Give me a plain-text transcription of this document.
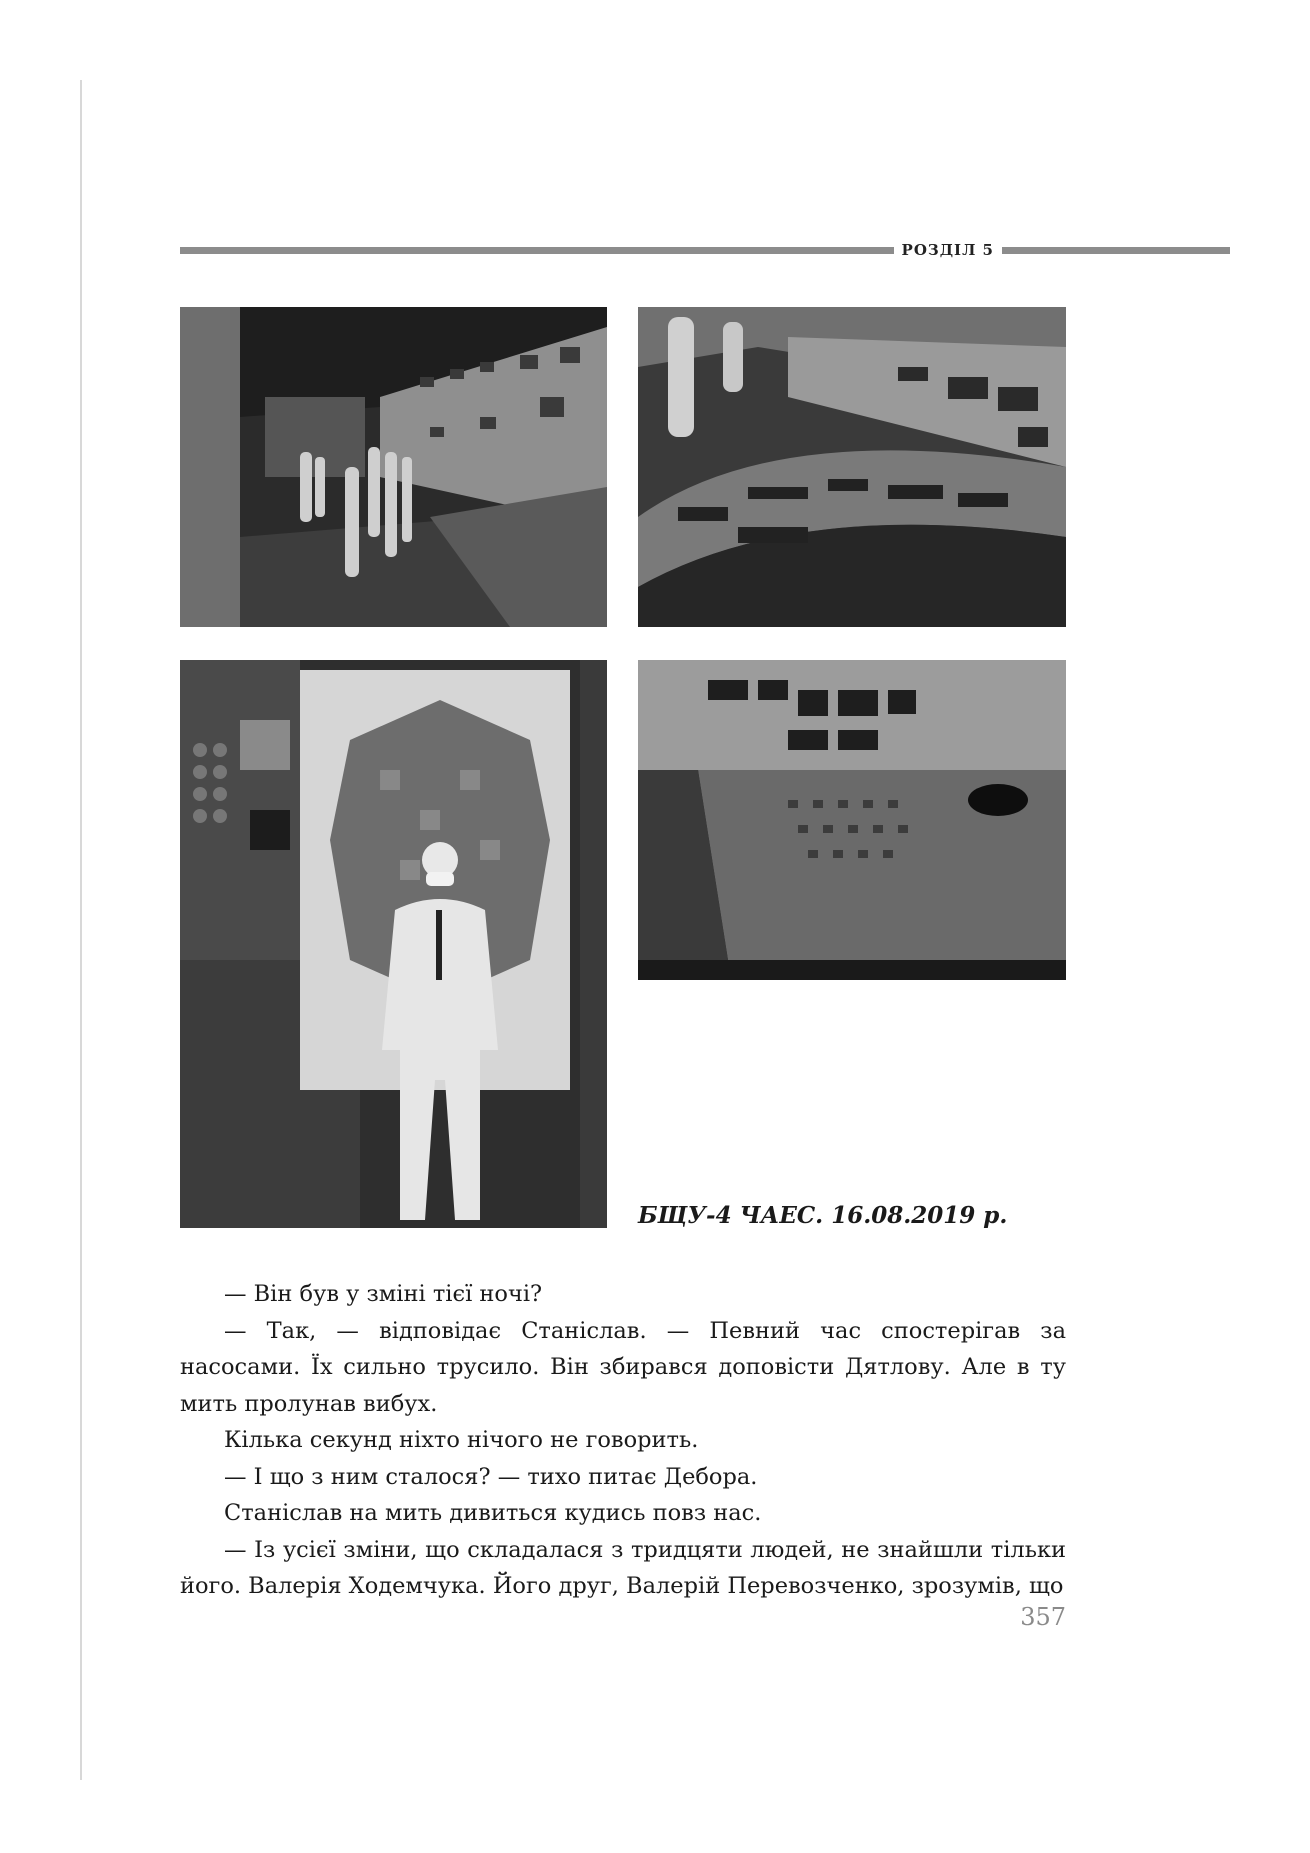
РОЗДІЛ 5
БЩУ-4 ЧАЕС. 16.08.2019 р.

— Він був у зміні тієї ночі?

— Так, — відповідає Станіслав. — Певний час спостерігав за насосами. Їх сильно трусило. Він збирався доповісти Дятлову. Але в ту мить пролунав вибух.

Кілька секунд ніхто нічого не говорить.

— І що з ним сталося? — тихо питає Дебора.

Станіслав на мить дивиться кудись повз нас.

— Із усієї зміни, що складалася з тридцяти людей, не знайшли тільки його. Валерія Ходемчука. Його друг, Валерій Перевозченко, зрозумів, що

357
